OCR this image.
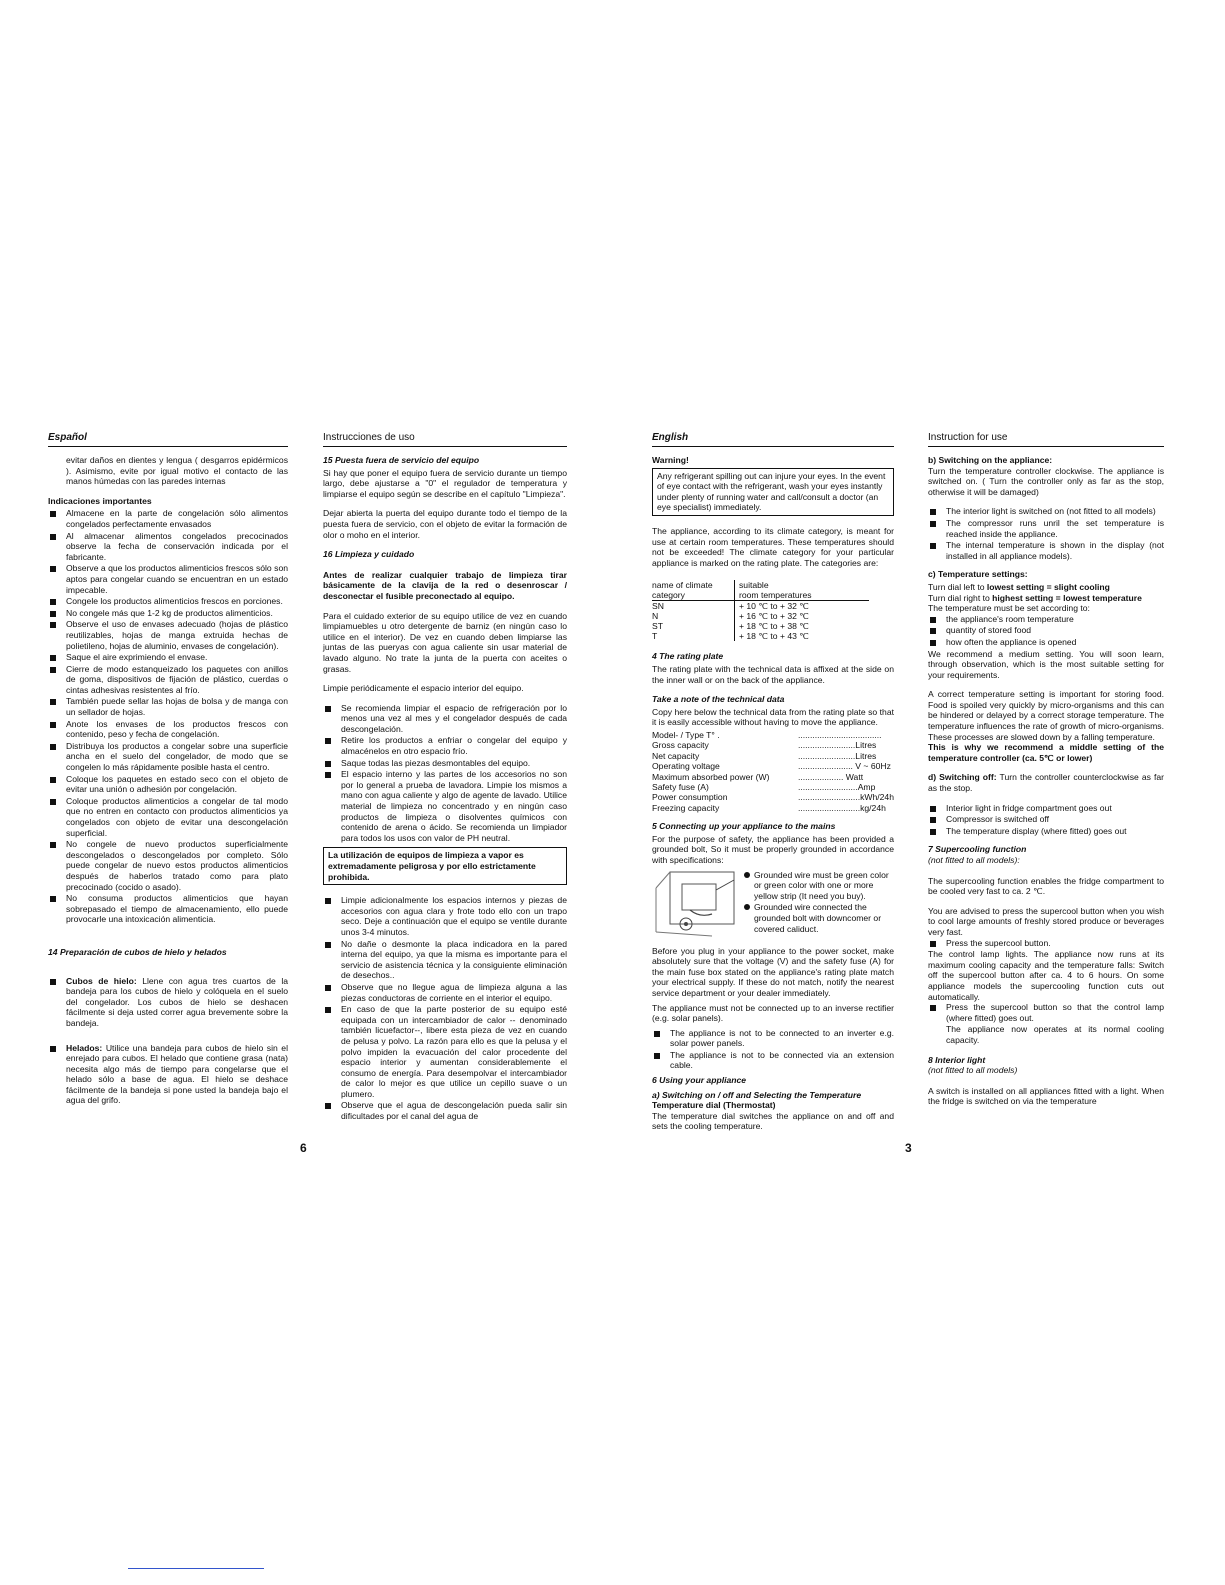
Español

evitar daños en dientes y lengua ( desgarros epidérmicos ). Asimismo, evite por igual motivo el contacto de las manos húmedas con las paredes internas

Indicaciones importantes
Almacene en la parte de congelación sólo alimentos congelados perfectamente envasados
Al almacenar alimentos congelados precocinados observe la fecha de conservación indicada por el fabricante.
Observe a que los productos alimenticios frescos sólo son aptos para congelar cuando se encuentran en un estado impecable.
Congele los productos alimenticios frescos en porciones.
No congele más que 1-2 kg de productos alimenticios.
Observe el uso de envases adecuado (hojas de plástico reutilizables, hojas de manga extruida hechas de polietileno, hojas de aluminio, envases de congelación).
Saque el aire exprimiendo el envase.
Cierre de modo estanqueizado los paquetes con anillos de goma, dispositivos de fijación de plástico, cuerdas o cintas adhesivas resistentes al frío.
También puede sellar las hojas de bolsa y de manga con un sellador de hojas.
Anote los envases de los productos frescos con contenido, peso y fecha de congelación.
Distribuya los productos a congelar sobre una superficie ancha en el suelo del congelador, de modo que se congelen lo más rápidamente posible hasta el centro.
Coloque los paquetes en estado seco con el objeto de evitar una unión o adhesión por congelación.
Coloque productos alimenticios a congelar de tal modo que no entren en contacto con productos alimenticios ya congelados con objeto de evitar una descongelación superficial.
No congele de nuevo productos superficialmente descongelados o descongelados por completo. Sólo puede congelar de nuevo estos productos alimenticios después de haberlos tratado como para plato precocinado (cocido o asado).
No consuma productos alimenticios que hayan sobrepasado el tiempo de almacenamiento, ello puede provocarle una intoxicación alimenticia.
14 Preparación de cubos de hielo y helados
Cubos de hielo: Llene con agua tres cuartos de la bandeja para los cubos de hielo y colóquela en el suelo del congelador. Los cubos de hielo se deshacen fácilmente si deja usted correr agua brevemente sobre la bandeja.
Helados: Utilice una bandeja para cubos de hielo sin el enrejado para cubos. El helado que contiene grasa (nata) necesita algo más de tiempo para congelarse que el helado sólo a base de agua. El hielo se deshace fácilmente de la bandeja si pone usted la bandeja bajo el agua del grifo.
Instrucciones de uso
15 Puesta fuera de servicio del equipo

Si hay que poner el equipo fuera de servicio durante un tiempo largo, debe ajustarse a "0" el regulador de temperatura y limpiarse el equipo según se describe en el capítulo "Limpieza".

Dejar abierta la puerta del equipo durante todo el tiempo de la puesta fuera de servicio, con el objeto de evitar la formación de olor o moho en el interior.

16 Limpieza y cuidado

Antes de realizar cualquier trabajo de limpieza tirar básicamente de la clavija de la red o desenroscar / desconectar el fusible preconectado al equipo.

Para el cuidado exterior de su equipo utilice de vez en cuando limpiamuebles u otro detergente de barniz (en ningún caso lo utilice en el interior). De vez en cuando deben limpiarse las juntas de las pueryas con agua caliente sin usar material de lavado alguno. No trate la junta de la puerta con aceites o grasas.

Limpie periódicamente el espacio interior del equipo.

Se recomienda limpiar el espacio de refrigeración por lo menos una vez al mes y el congelador después de cada descongelación.
Retire los productos a enfriar o congelar del equipo y almacénelos en otro espacio frío.
Saque todas las piezas desmontables del equipo.
El espacio interno y las partes de los accesorios no son por lo general a prueba de lavadora. Limpie los mismos a mano con agua caliente y algo de agente de lavado. Utilice material de limpieza no concentrado y en ningún caso productos de limpieza o disolventes químicos con contenido de arena o ácido. Se recomienda un limpiador para todos los usos con valor de PH neutral.
La utilización de equipos de limpieza a vapor es extremadamente peligrosa y por ello estrictamente prohibida.
Limpie adicionalmente los espacios internos y piezas de accesorios con agua clara y frote todo ello con un trapo seco. Deje a continuación que el equipo se ventile durante unos 3-4 minutos.
No dañe o desmonte la placa indicadora en la pared interna del equipo, ya que la misma es importante para el servicio de asistencia técnica y la consiguiente eliminación de desechos..
Observe que no llegue agua de limpieza alguna a las piezas conductoras de corriente en el interior el equipo.
En caso de que la parte posterior de su equipo esté equipada con un intercambiador de calor -- denominado también licuefactor--, libere esta pieza de vez en cuando de pelusa y polvo. La razón para ello es que la pelusa y el polvo impiden la evacuación del calor procedente del espacio interior y aumentan considerablemente el consumo de energía. Para desempolvar el intercambiador de calor lo mejor es que utilice un cepillo suave o un plumero.
Observe que el agua de descongelación pueda salir sin dificultades por el canal del agua de
6
English
Warning!
Any refrigerant spilling out can injure your eyes. In the event of eye contact with the refrigerant, wash your eyes instantly under plenty of running water and call/consult a doctor (an eye specialist) immediately.

The appliance, according to its climate category, is meant for use at certain room temperatures. These temperatures should not be exceeded! The climate category for your particular appliance is marked on the rating plate. The categories are:

name of climate	suitable
category	room temperatures
SN	+ 10 ℃ to + 32 ℃
N	+ 16 ℃ to + 32 ℃
ST	+ 18 ℃ to + 38 ℃
T	+ 18 ℃ to + 43 ℃
4 The rating plate

The rating plate with the technical data is affixed at the side on the inner wall or on the back of the appliance.

Take a note of the technical data

Copy here below the technical data from the rating plate so that it is easily accessible without having to move the appliance.

Model- / Type T° .	...................................
Gross capacity	........................Litres
Net capacity	........................Litres
Operating voltage	....................... V ~ 60Hz
Maximum absorbed power (W)	................... Watt
Safety fuse (A)	.........................Amp
Power consumption	..........................kWh/24h
Freezing capacity	..........................kg/24h
5 Connecting up your appliance to the mains

For the purpose of safety, the appliance has been provided a grounded bolt, So it must be properly grounded in accordance with specifications:

Grounded wire must be green color or green color with one or more yellow strip (It need you buy).
Grounded wire connected the grounded bolt with downcomer or covered caliduct.

Before you plug in your appliance to the power socket, make absolutely sure that the voltage (V) and the safety fuse (A) for the main fuse box stated on the appliance's rating plate match your electrical supply. If these do not match, notify the nearest service department or your dealer immediately.

The appliance must not be connected up to an inverse rectifier (e.g. solar panels).

The appliance is not to be connected to an inverter e.g. solar power panels.
The appliance is not to be connected via an extension cable.
6 Using your appliance
a) Switching on / off and Selecting the Temperature
Temperature dial (Thermostat)

The temperature dial switches the appliance on and off and sets the cooling temperature.

Instruction for use
b) Switching on the appliance:

Turn the temperature controller clockwise. The appliance is switched on. ( Turn the controller only as far as the stop, otherwise it will be damaged)

The interior light is switched on (not fitted to all models)
The compressor runs unril the set temperature is reached inside the appliance.
The internal temperature is shown in the display (not installed in all appliance models).
c) Temperature settings:
Turn dial left to lowest setting = slight cooling
Turn dial right to highest setting = lowest temperature
The temperature must be set according to:
the appliance's room temperature
quantity of stored food
how often the appliance is opened

We recommend a medium setting. You will soon learn, through observation, which is the most suitable setting for your requirements.

A correct temperature setting is important for storing food. Food is spoiled very quickly by micro-organisms and this can be hindered or delayed by a correct storage temperature. The temperature influences the rate of growth of micro-organisms. These processes are slowed down by a falling temperature.

This is why we recommend a middle setting of the temperature controller (ca. 5℃ or lower)

d) Switching off: Turn the controller counterclockwise as far as the stop.

Interior light in fridge compartment goes out
Compressor is switched off
The temperature display (where fitted) goes out
7 Supercooling function
(not fitted to all models):

The supercooling function enables the fridge compartment to be cooled very fast to ca. 2 ℃.

You are advised to press the supercool button when you wish to cool large amounts of freshly stored produce or beverages very fast.

Press the supercool button.

The control lamp lights. The appliance now runs at its maximum cooling capacity and the temperature falls: Switch off the supercool button after ca. 4 to 6 hours. On some appliance models the supercooling function cuts out automatically.

Press the supercool button so that the control lamp (where fitted) goes out.

The appliance now operates at its normal cooling capacity.

8 Interior light
(not fitted to all models)

A switch is installed on all appliances fitted with a light. When the fridge is switched on via the temperature

3
